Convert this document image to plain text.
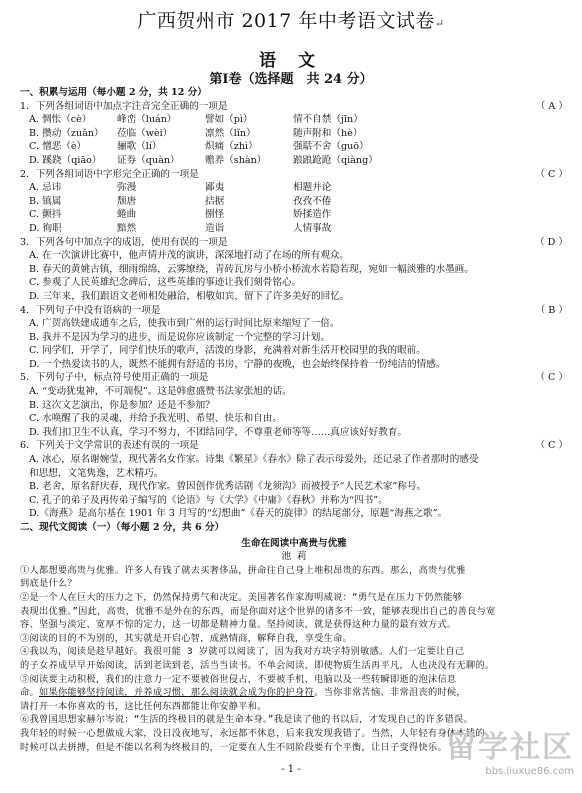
广西贺州市 2017 年中考语文试卷↵
语 文
第Ⅰ卷（选择题　共 24 分）
一、积累与运用（每小题 2 分，共 12 分）
1．下列各组词语中加点字注音完全正确的一项是	（ A ）
A. 惆怅（cè）	峰峦（luán）	譬如（pì）	情不自禁（jīn）
B. 攒动（zuǎn）	莅临（wèi）	凛然（lǐn）	随声附和（hè）
C. 憎恶（è）	骊歌（lí）	炽痛（zhì）	强聒不舍（guō）
D. 蹊跷（qiāo）	证券（quàn）	赡养（shàn）	踉踉跄跄（qiàng）
2．下列各组词语中字形完全正确的一项是	（ C ）
A. 忌讳	弥漫	鄙夷	相题并论
B. 镇属	颓唐	拮据	孜孜不倦
C. 颤抖	蜷曲	捌怪	娇揉造作
D. 徇职	黯然	造诣	人情事故
3．下列各句中加点字的成语，使用有误的一项是	（ D ）
A. 在一次演讲比赛中，他声情并茂的演讲，深深地打动了在场的所有观众。
B. 春天的黄姚古镇，细雨绵绵，云雾缭绕，青砖瓦房与小桥小桥流水若隐若现，宛如一幅淡雅的水墨画。
C. 参观了人民英雄纪念碑后，这些英雄的事迹让我们刻骨铭心。
D. 三年来，我们跟语文老师相处融洽，相敬如宾，留下了许多美好的回忆。
4．下列句子中没有语病的一项是	（ B ）
A. 广贺高铁建成通车之后，使我市到广州的运行时间比原来缩短了一倍。
B. 我并不是因为学习的进步，而是说你应该制定一个完整的学习计划。
C. 同学们，开学了，同学们快乐的歌声，活泼的身影，充满着对新生活开校园里的我的眼前。
D. 一个热爱读书的人，既然不能拥有舒适的书房，宁静的夜晚，也会始终保持着一份纯洁的情感。
5．下列句子中，标点符号使用正确的一项是	（ C ）
A. “变动犹鬼神，不可端倪”。这是韩愈盛赞书法家张旭的话。
B. 这次文艺演出，你是参加？还是不参加？
C. 水唤醒了我的灵魂，并给予我光明、希望、快乐和自由。
D. 我们扣卫生不认真，学习不努力，不团结同学，不尊重老师等等……真应该好好教育。
6．下列关于文学常识的表述有误的一项是	（ C ）
A. 冰心，原名谢婉莹，现代著名女作家。诗集《繁星》《春水》除了表示母爱外，还记录了作者那时的感受
和思想，文笔隽逸，艺术精巧。
B. 老舍，原名舒庆春，现代作家。曾因创作优秀话剧《龙须沟》而被授予“人民艺术家”称号。
C. 孔子的弟子及再传弟子编写的《论语》与《大学》《中庸》《春秋》并称为“四书”。
D.《海燕》是高尔基在 1901 年 3 月写的“幻想曲”《春天的旋律》的结尾部分，原题“海燕之歌”。
二、现代文阅读（一）（每小题 2 分，共 6 分）
生命在阅读中高贵与优雅
池 莉
①人都想要高贵与优雅。许多人有钱了就去买奢侈品，拼命往自己身上堆积昂贵的东西。那么，高贵与优雅
到底是什么？
②是一个人在巨大的压力之下，仍然保持勇气和决定。美国著名作家海明威说：“勇气是在压力下仍然能够
表现出优雅。”因此，高贵，优雅不是外在的东西，而是你面对这个世界的诸多不一致，能够表现出自己的善良与宽
容、坚强与淡定、宽厚不惊的定力，这一切都是精神力量。坚持阅读，就是获得这种力量的最有效方式。
③阅读的目的不为别的，其实就是开启心智，成熟情商，解释自我，享受生命。
④我以为，阅读是趁早越好。我很可能 3 岁就可以阅读了，因为我对方块字特别敏感。人们一定要让自己
的子女养成早早开始阅读，活到老读到老，活当当读书。不单会阅读，即使物质生活再平凡，人也决没有无聊的。
⑤阅读要主动积极，我们的注意力一定不要被俗世侵占，不要被手机、电脑以及一些转瞬即逝的泡沫信息
命。如果你能够坚持阅读，并养成习惯，那么阅读就会成为你的护身符。当你非常苦恼、非常沮丧的时候，
请打开一本你喜欢的书，这比任何东西都能让你安静平和。
⑥我曾国思想家赫尔岑说：“生活的终极目的就是生命本身。”我是读了他的书以后，才发现自己的许多错误。
我年轻的时候一心想做成大家，没日没夜地写，永远都不休息，后来我发现我错了。当然，人年轻有身体本钱的
时候可以去拼搏，但是不能以名利为终极目的，一定要在人生不同阶段要有个平衡，让日子变得快乐。
- 1 -
留学社区
bbs.liuxue86.com
